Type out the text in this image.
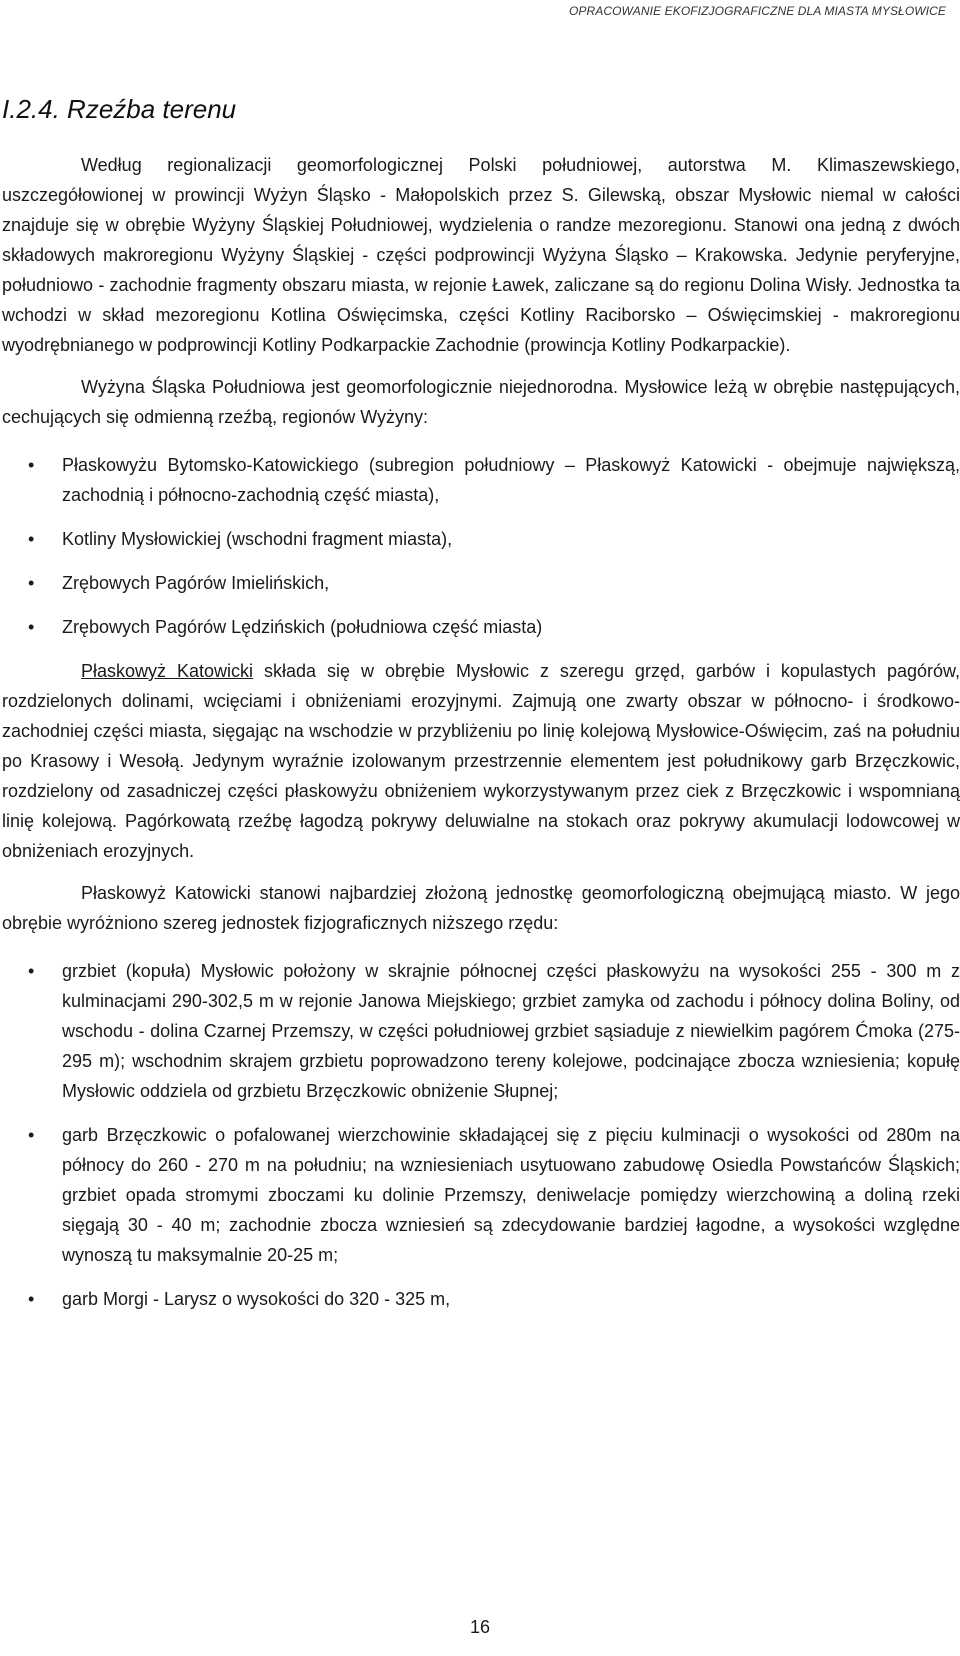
OPRACOWANIE EKOFIZJOGRAFICZNE DLA MIASTA MYSŁOWICE
I.2.4. Rzeźba terenu

Według regionalizacji geomorfologicznej Polski południowej, autorstwa M. Klimaszewskiego, uszczegółowionej w prowincji Wyżyn Śląsko - Małopolskich przez S. Gilewską, obszar Mysłowic niemal w całości znajduje się w obrębie Wyżyny Śląskiej Południowej, wydzielenia o randze mezoregionu. Stanowi ona jedną z dwóch składowych makroregionu Wyżyny Śląskiej - części podprowincji Wyżyna Śląsko – Krakowska. Jedynie peryferyjne, południowo - zachodnie fragmenty obszaru miasta, w rejonie Ławek, zaliczane są do regionu Dolina Wisły. Jednostka ta wchodzi w skład mezoregionu Kotlina Oświęcimska, części Kotliny Raciborsko – Oświęcimskiej - makroregionu wyodrębnianego w podprowincji Kotliny Podkarpackie Zachodnie (prowincja Kotliny Podkarpackie).

Wyżyna Śląska Południowa jest geomorfologicznie niejednorodna. Mysłowice leżą w obrębie następujących, cechujących się odmienną rzeźbą, regionów Wyżyny:

• Płaskowyżu Bytomsko-Katowickiego (subregion południowy – Płaskowyż Katowicki - obejmuje największą, zachodnią i północno-zachodnią część miasta),
• Kotliny Mysłowickiej (wschodni fragment miasta),
• Zrębowych Pagórów Imielińskich,
• Zrębowych Pagórów Lędzińskich (południowa część miasta)

Płaskowyż Katowicki składa się w obrębie Mysłowic z szeregu grzęd, garbów i kopulastych pagórów, rozdzielonych dolinami, wcięciami i obniżeniami erozyjnymi. Zajmują one zwarty obszar w północno- i środkowo-zachodniej części miasta, sięgając na wschodzie w przybliżeniu po linię kolejową Mysłowice-Oświęcim, zaś na południu po Krasowy i Wesołą. Jedynym wyraźnie izolowanym przestrzennie elementem jest południkowy garb Brzęczkowic, rozdzielony od zasadniczej części płaskowyżu obniżeniem wykorzystywanym przez ciek z Brzęczkowic i wspomnianą linię kolejową. Pagórkowatą rzeźbę łagodzą pokrywy deluwialne na stokach oraz pokrywy akumulacji lodowcowej w obniżeniach erozyjnych.

Płaskowyż Katowicki stanowi najbardziej złożoną jednostkę geomorfologiczną obejmującą miasto. W jego obrębie wyróżniono szereg jednostek fizjograficznych niższego rzędu:

• grzbiet (kopuła) Mysłowic położony w skrajnie północnej części płaskowyżu na wysokości 255 - 300 m z kulminacjami 290-302,5 m w rejonie Janowa Miejskiego; grzbiet zamyka od zachodu i północy dolina Boliny, od wschodu - dolina Czarnej Przemszy, w części południowej grzbiet sąsiaduje z niewielkim pagórem Ćmoka (275-295 m); wschodnim skrajem grzbietu poprowadzono tereny kolejowe, podcinające zbocza wzniesienia; kopułę Mysłowic oddziela od grzbietu Brzęczkowic obniżenie Słupnej;
• garb Brzęczkowic o pofalowanej wierzchowinie składającej się z pięciu kulminacji o wysokości od 280m na północy do 260 - 270 m na południu; na wzniesieniach usytuowano zabudowę Osiedla Powstańców Śląskich; grzbiet opada stromymi zboczami ku dolinie Przemszy, deniwelacje pomiędzy wierzchowiną a doliną rzeki sięgają 30 - 40 m; zachodnie zbocza wzniesień są zdecydowanie bardziej łagodne, a wysokości względne wynoszą tu maksymalnie 20-25 m;
• garb Morgi - Larysz o wysokości do 320 - 325 m,
16
